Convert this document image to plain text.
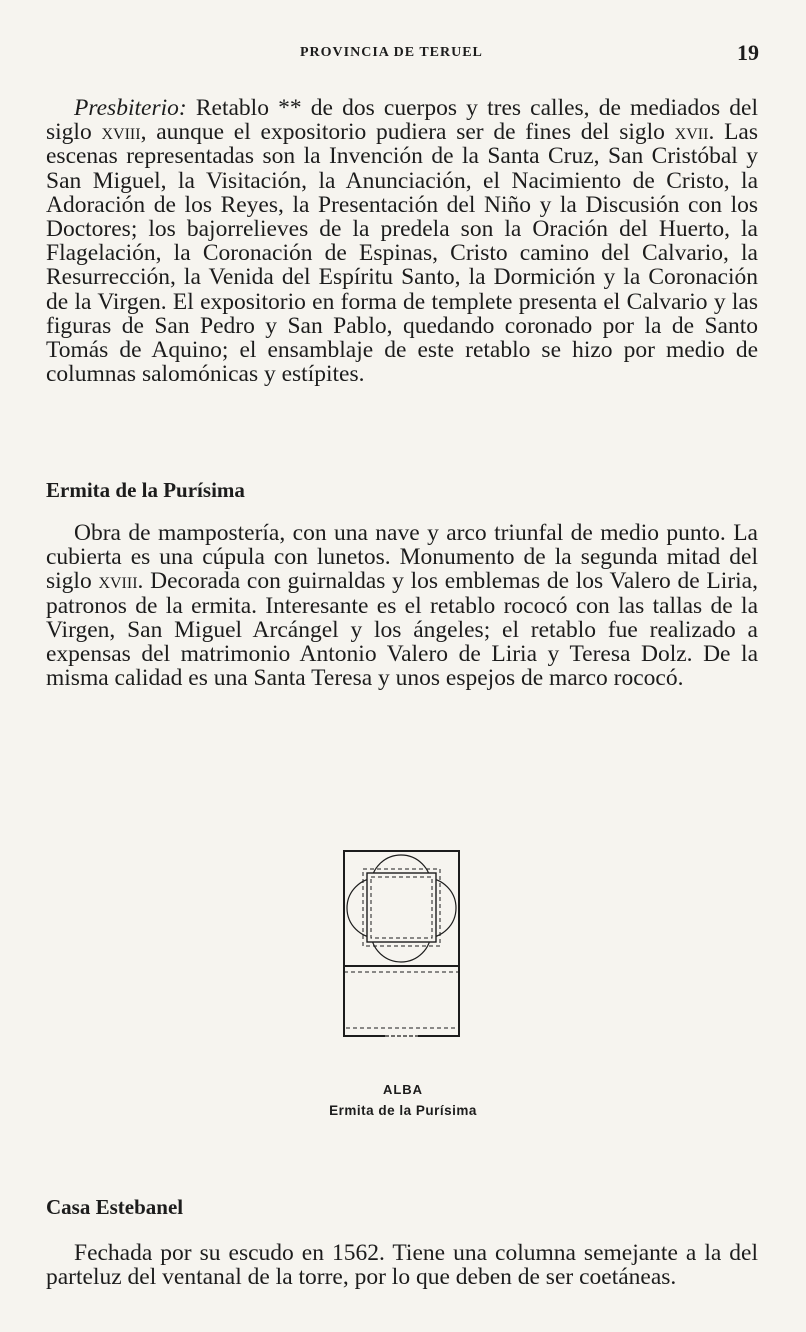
PROVINCIA DE TERUEL	19

Presbiterio: Retablo ** de dos cuerpos y tres calles, de mediados del siglo xviii, aunque el expositorio pudiera ser de fines del siglo xvii. Las escenas representadas son la Invención de la Santa Cruz, San Cristóbal y San Miguel, la Visitación, la Anunciación, el Nacimiento de Cristo, la Adoración de los Reyes, la Presentación del Niño y la Discusión con los Doctores; los bajorrelieves de la predela son la Oración del Huerto, la Flagelación, la Coronación de Espinas, Cristo camino del Calvario, la Resurrección, la Venida del Espíritu Santo, la Dormición y la Coronación de la Virgen. El expositorio en forma de templete presenta el Calvario y las figuras de San Pedro y San Pablo, quedando coronado por la de Santo Tomás de Aquino; el ensamblaje de este retablo se hizo por medio de columnas salomónicas y estípites.

Ermita de la Purísima

Obra de mampostería, con una nave y arco triunfal de medio punto. La cubierta es una cúpula con lunetos. Monumento de la segunda mitad del siglo xviii. Decorada con guirnaldas y los emblemas de los Valero de Liria, patronos de la ermita. Interesante es el retablo rococó con las tallas de la Virgen, San Miguel Arcángel y los ángeles; el retablo fue realizado a expensas del matrimonio Antonio Valero de Liria y Teresa Dolz. De la misma calidad es una Santa Teresa y unos espejos de marco rococó.

ALBA
Ermita de la Purísima
Casa Estebanel

Fechada por su escudo en 1562. Tiene una columna semejante a la del parteluz del ventanal de la torre, por lo que deben de ser coetáneas.
